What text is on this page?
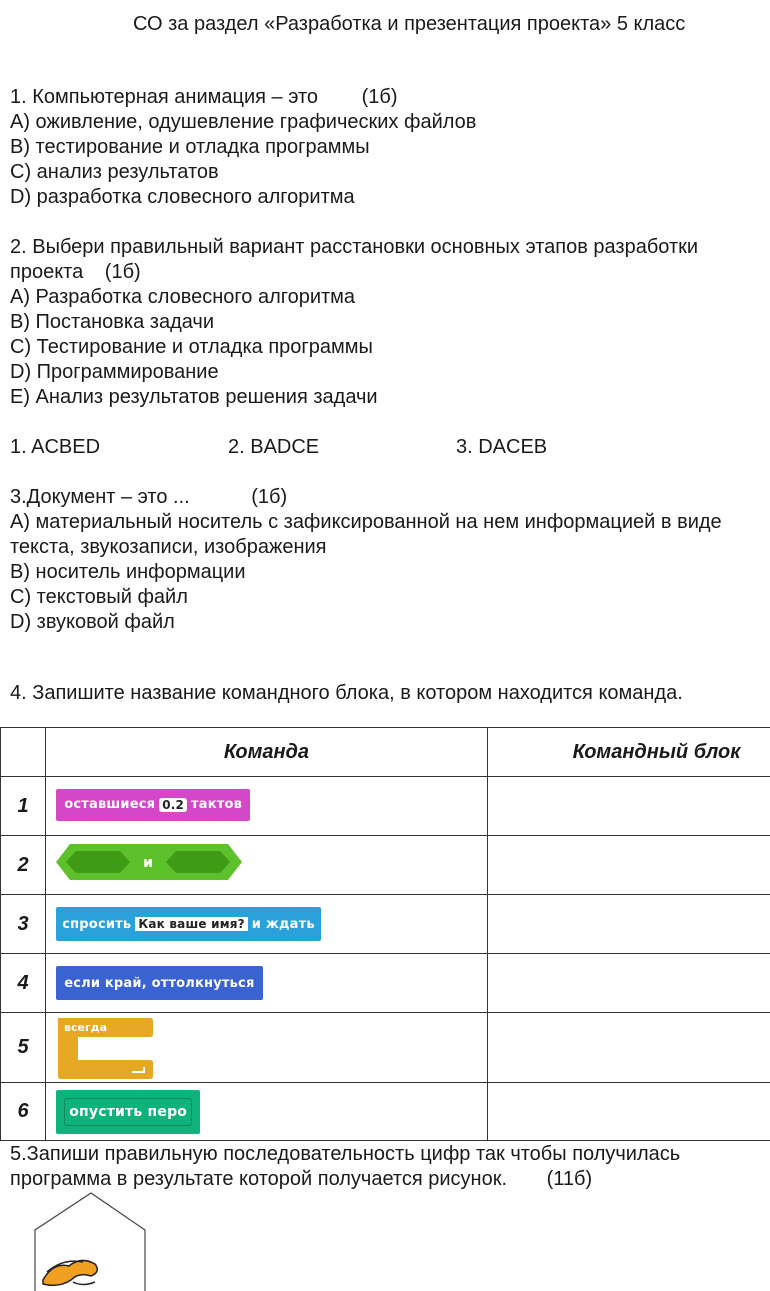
СО за раздел «Разработка и презентация проекта» 5 класс
1. Компьютерная анимация – это (1б)
A) оживление, одушевление графических файлов
B) тестирование и отладка программы
C) анализ результатов
D) разработка словесного алгоритма
2. Выбери правильный вариант расстановки основных этапов разработки
проекта (1б)
A) Разработка словесного алгоритма
B) Постановка задачи
C) Тестирование и отладка программы
D) Программирование
E) Анализ результатов решения задачи
1. ACBED	2. BADCE	3. DACEB
3.Документ – это ...	(1б)
A) материальный носитель с зафиксированной на нем информацией в виде
текста, звукозаписи, изображения
B) носитель информации
C) текстовый файл
D) звуковой файл
4. Запишите название командного блока, в котором находится команда.
	Команда	Командный блок
1	оставшиеся 0.2 тактов	

2	и	

3	спросить Как ваше имя? и ждать	

4	если край, оттолкнуться	

5	всегда	

6	опустить перо	

5.Запиши правильную последовательность цифр так чтобы получилась
программа в результате которой получается рисунок. (11б)
